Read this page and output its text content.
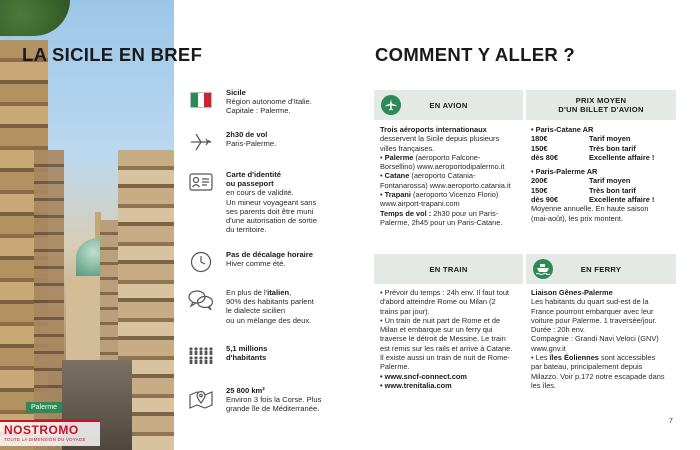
Palerme
NOSTROMO
TOUTE LA DIMENSION DU VOYAGE
LA SICILE EN BREF	COMMENT Y ALLER ?
Sicile
Région autonome d'Italie.
Capitale : Palerme.
2h30 de vol
Paris-Palerme.
Carte d'identité
ou passeport
en cours de validité.
Un mineur voyageant sans
ses parents doit être muni
d'une autorisation de sortie
du territoire.
Pas de décalage horaire
Hiver comme été.
En plus de l'italien,
90% des habitants parlent
le dialecte sicilien
ou un mélange des deux.
5,1 millions
d'habitants
25 800 km²
Environ 3 fois la Corse. Plus
grande île de Méditerranée.
EN AVION
Trois aéroports internationaux
desservent la Sicile depuis plusieurs
villes françaises.
• Palerme (aeroporto Falcone-
Borsellino) www.aeroportodipalermo.it
• Catane (aeroporto Catania-
Fontanarossa) www.aeroporto.catania.it
• Trapani (aeroporto Vicenzo Florio)
www.airport-trapani.com
Temps de vol : 2h30 pour un Paris-
Palerme, 2h45 pour un Paris-Catane.
PRIX MOYEN
D'UN BILLET D'AVION
• Paris-Catane AR
180€	Tarif moyen
150€	Très bon tarif
dès 80€	Excellente affaire !
• Paris-Palerme AR
200€	Tarif moyen
150€	Très bon tarif
dès 90€	Excellente affaire !
Moyenne annuelle. En haute saison
(mai-août), les prix montent.
EN TRAIN
• Prévoir du temps : 24h env. Il faut tout
d'abord atteindre Rome ou Milan (2
trains par jour).
• Un train de nuit part de Rome et de
Milan et embarque sur un ferry qui
traverse le détroit de Messine. Le train
est remis sur les rails et arrive à Catane.
Il existe aussi un train de nuit de Rome-
Palerme.
• www.sncf-connect.com
• www.trenitalia.com
EN FERRY
Liaison Gênes-Palerme
Les habitants du quart sud-est de la
France pourront embarquer avec leur
voiture pour Palerme. 1 traversée/jour.
Durée : 20h env.
Compagnie : Grandi Navi Veloci (GNV)
www.gnv.it
• Les îles Éoliennes sont accessibles
par bateau, principalement depuis
Milazzo. Voir p.172 notre escapade dans
les îles.
7
